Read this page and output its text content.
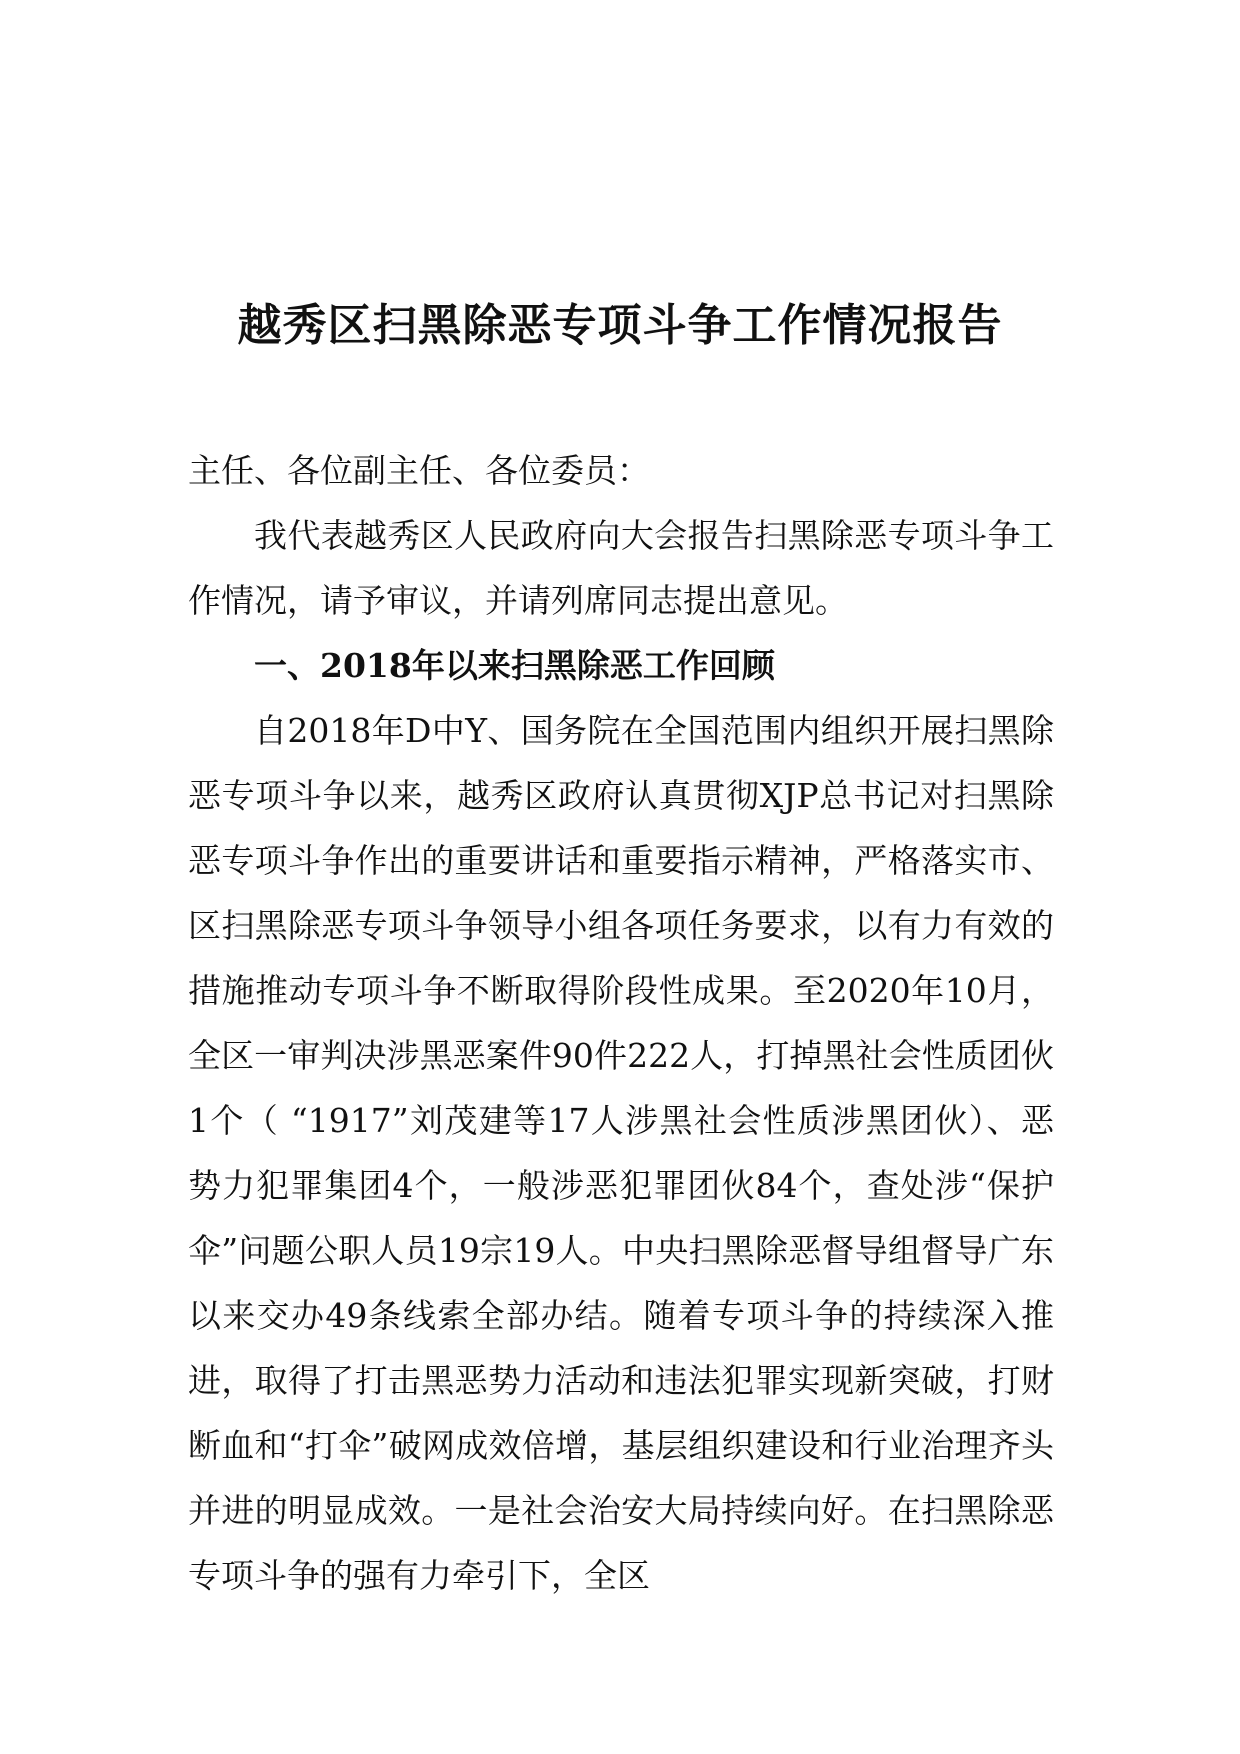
越秀区扫黑除恶专项斗争工作情况报告

主任、各位副主任、各位委员：

我代表越秀区人民政府向大会报告扫黑除恶专项斗争工作情况，请予审议，并请列席同志提出意见。

一、2018年以来扫黑除恶工作回顾

自2018年D中Y、国务院在全国范围内组织开展扫黑除恶专项斗争以来，越秀区政府认真贯彻XJP总书记对扫黑除恶专项斗争作出的重要讲话和重要指示精神，严格落实市、区扫黑除恶专项斗争领导小组各项任务要求，以有力有效的措施推动专项斗争不断取得阶段性成果。至2020年10月，全区一审判决涉黑恶案件90件222人，打掉黑社会性质团伙1个（ “1917”刘茂建等17人涉黑社会性质涉黑团伙）、恶势力犯罪集团4个，一般涉恶犯罪团伙84个，查处涉“保护伞”问题公职人员19宗19人。中央扫黑除恶督导组督导广东以来交办49条线索全部办结。随着专项斗争的持续深入推进，取得了打击黑恶势力活动和违法犯罪实现新突破，打财断血和“打伞”破网成效倍增，基层组织建设和行业治理齐头并进的明显成效。一是社会治安大局持续向好。在扫黑除恶专项斗争的强有力牵引下，全区
